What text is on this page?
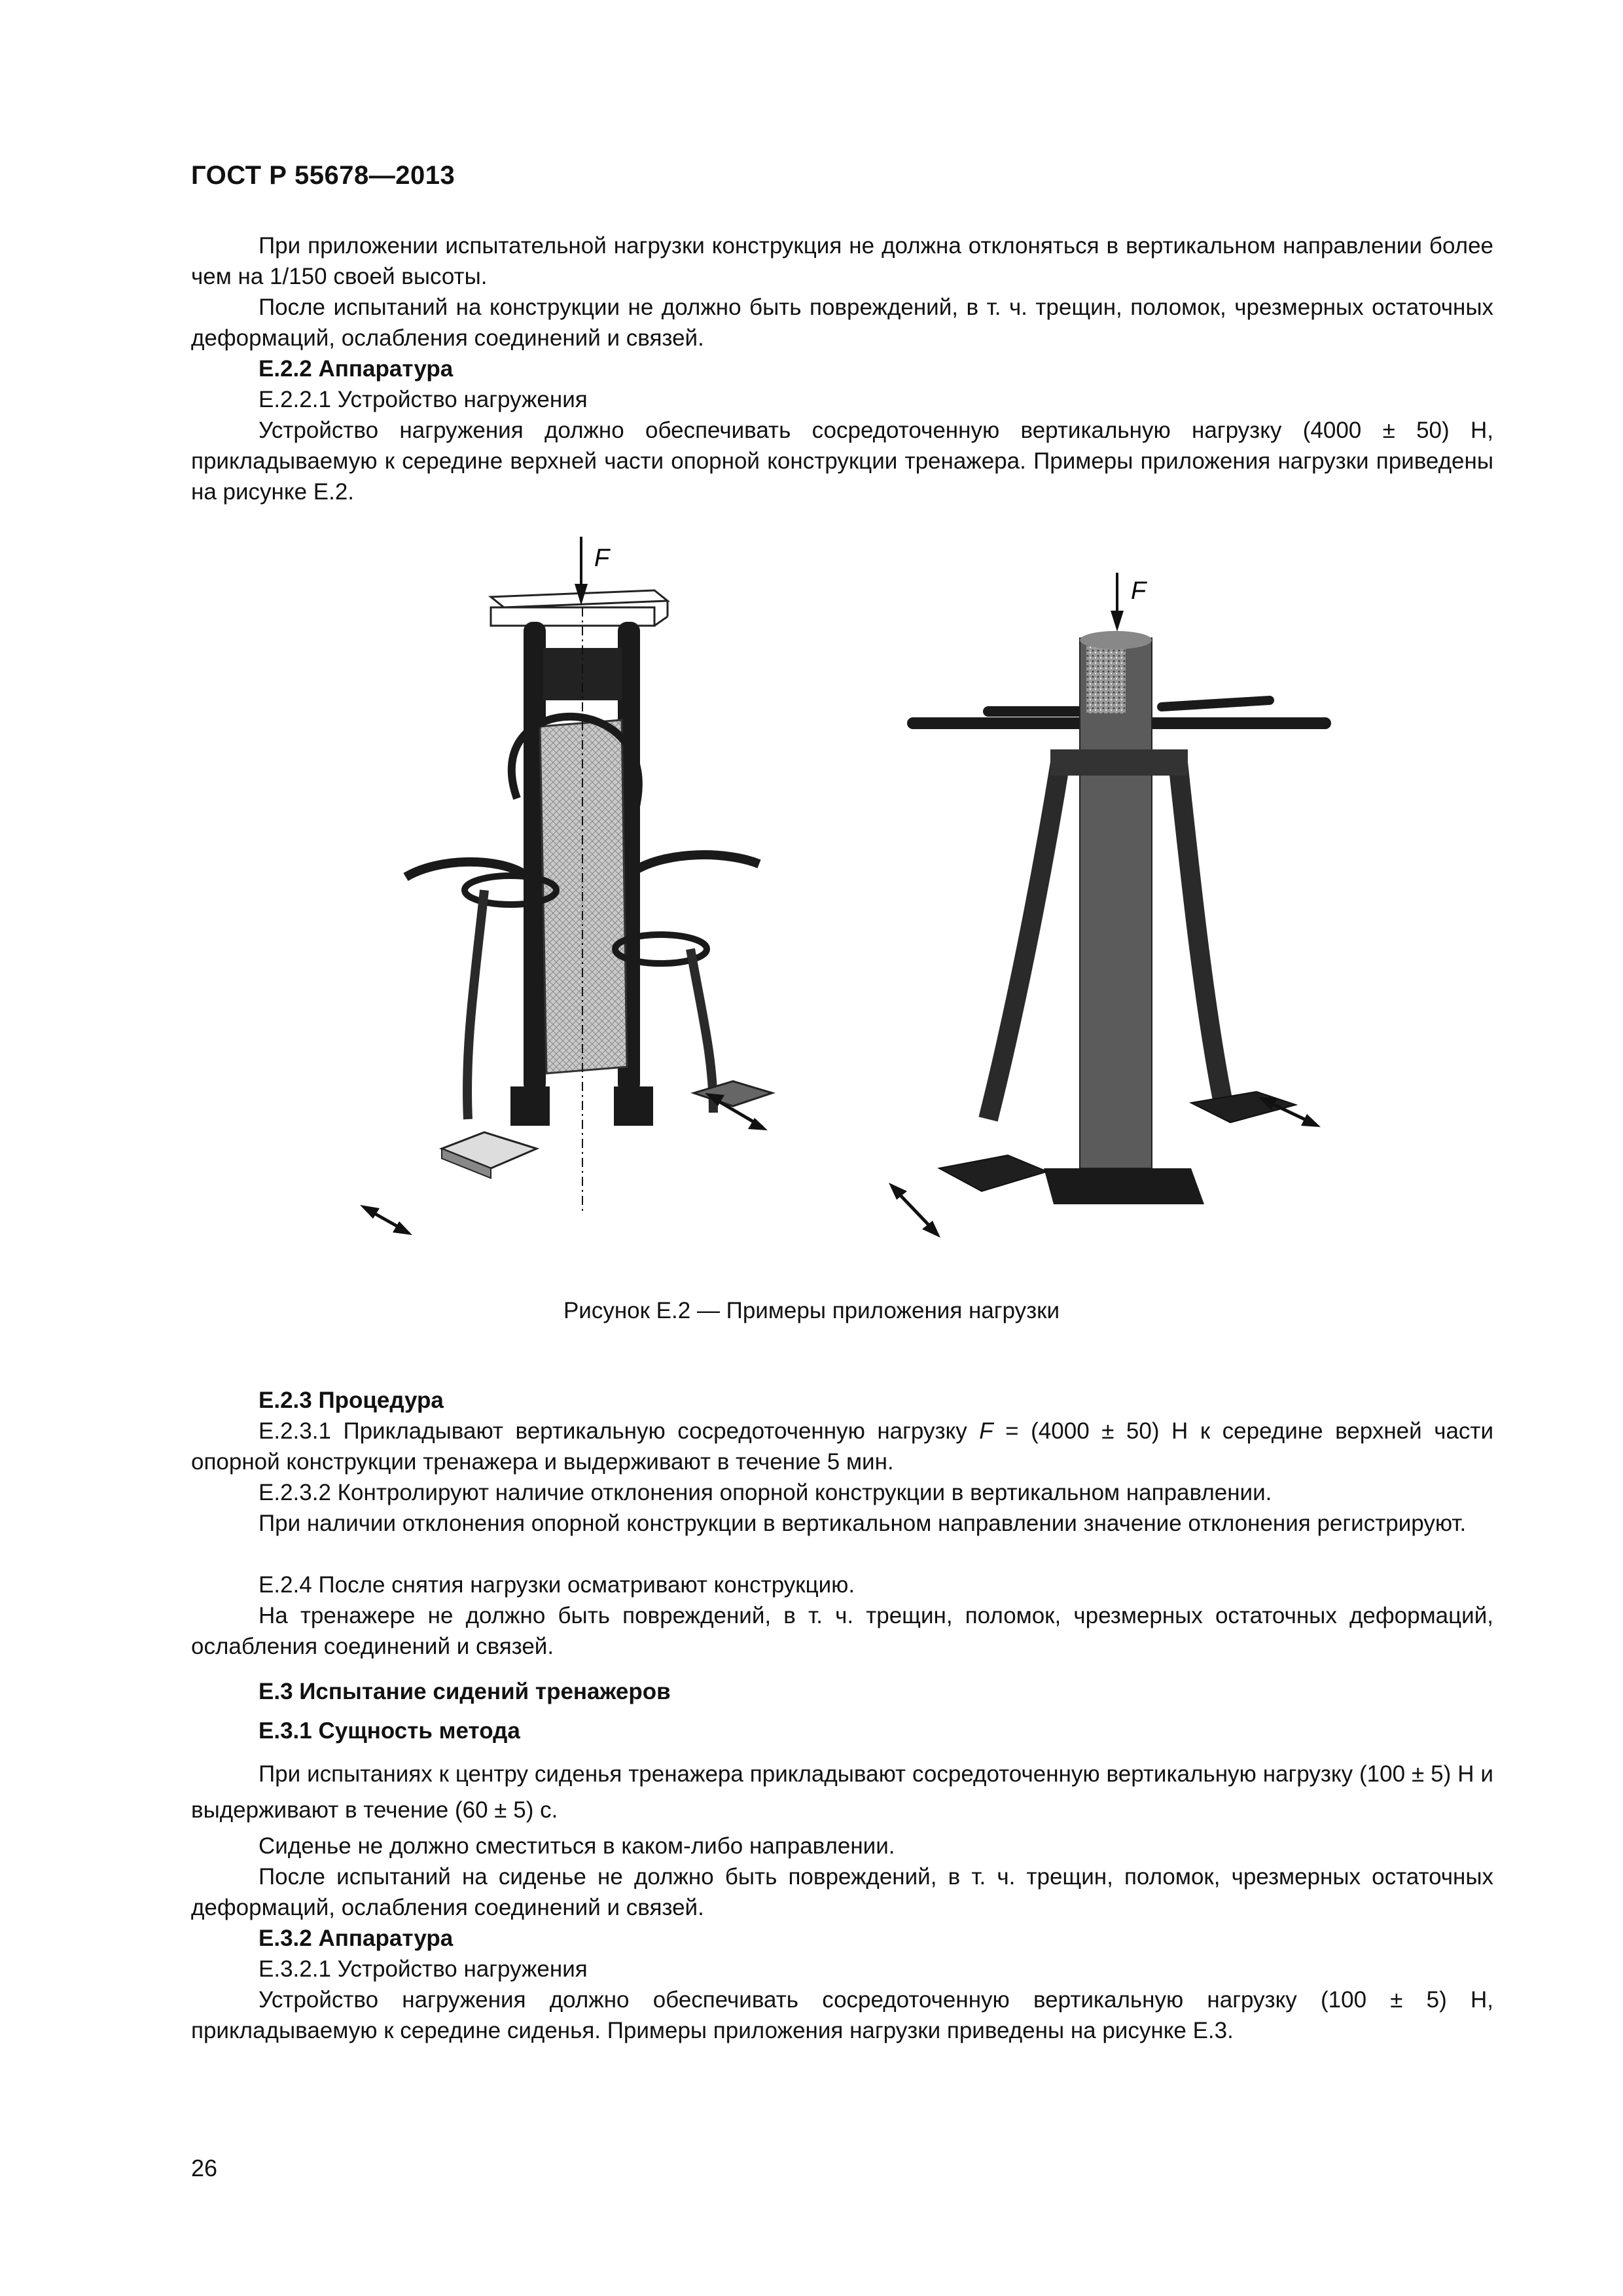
ГОСТ Р 55678—2013

При приложении испытательной нагрузки конструкция не должна отклоняться в вертикальном направлении более чем на 1/150 своей высоты.

После испытаний на конструкции не должно быть повреждений, в т. ч. трещин, поломок, чрезмерных остаточных деформаций, ослабления соединений и связей.

Е.2.2 Аппаратура

Е.2.2.1 Устройство нагружения

Устройство нагружения должно обеспечивать сосредоточенную вертикальную нагрузку (4000 ± 50) Н, прикладываемую к середине верхней части опорной конструкции тренажера. Примеры приложения нагрузки приведены на рисунке Е.2.

F
F
Рисунок Е.2 — Примеры приложения нагрузки

Е.2.3 Процедура

Е.2.3.1 Прикладывают вертикальную сосредоточенную нагрузку F = (4000 ± 50) Н к середине верхней части опорной конструкции тренажера и выдерживают в течение 5 мин.

Е.2.3.2 Контролируют наличие отклонения опорной конструкции в вертикальном направлении.

При наличии отклонения опорной конструкции в вертикальном направлении значение отклонения регистрируют.

Е.2.4 После снятия нагрузки осматривают конструкцию.

На тренажере не должно быть повреждений, в т. ч. трещин, поломок, чрезмерных остаточных деформаций, ослабления соединений и связей.

Е.3 Испытание сидений тренажеров

Е.3.1 Сущность метода

При испытаниях к центру сиденья тренажера прикладывают сосредоточенную вертикальную нагрузку (100 ± 5) Н и выдерживают в течение (60 ± 5) с.

Сиденье не должно сместиться в каком-либо направлении.

После испытаний на сиденье не должно быть повреждений, в т. ч. трещин, поломок, чрезмерных остаточных деформаций, ослабления соединений и связей.

Е.3.2 Аппаратура

Е.3.2.1 Устройство нагружения

Устройство нагружения должно обеспечивать сосредоточенную вертикальную нагрузку (100 ± 5) Н, прикладываемую к середине сиденья. Примеры приложения нагрузки приведены на рисунке Е.3.

26
